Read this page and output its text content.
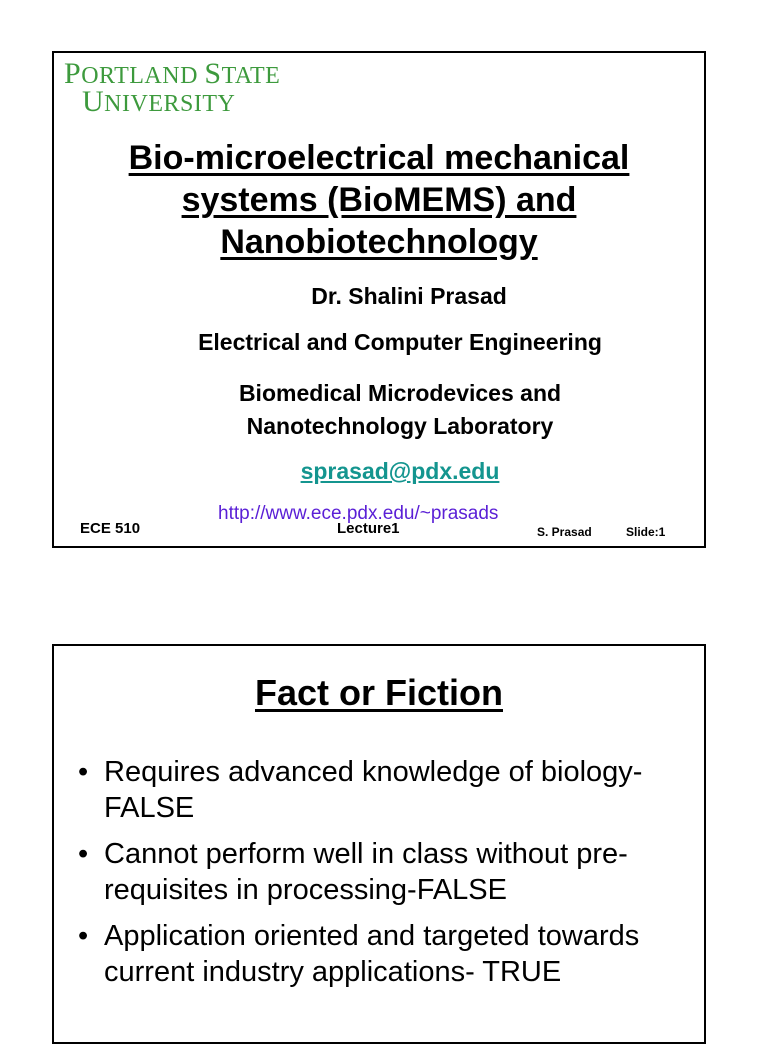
PORTLAND STATE
UNIVERSITY
Bio-microelectrical mechanical
systems (BioMEMS) and
Nanobiotechnology
Dr. Shalini Prasad
Electrical and Computer Engineering
Biomedical Microdevices and
Nanotechnology Laboratory
sprasad@pdx.edu
http://www.ece.pdx.edu/~prasads
ECE 510	Lecture1	S. Prasad	Slide:1
Fact or Fiction
• Requires advanced knowledge of biology-FALSE
• Cannot perform well in class without pre-requisites in processing-FALSE
• Application oriented and targeted towards current industry applications- TRUE
